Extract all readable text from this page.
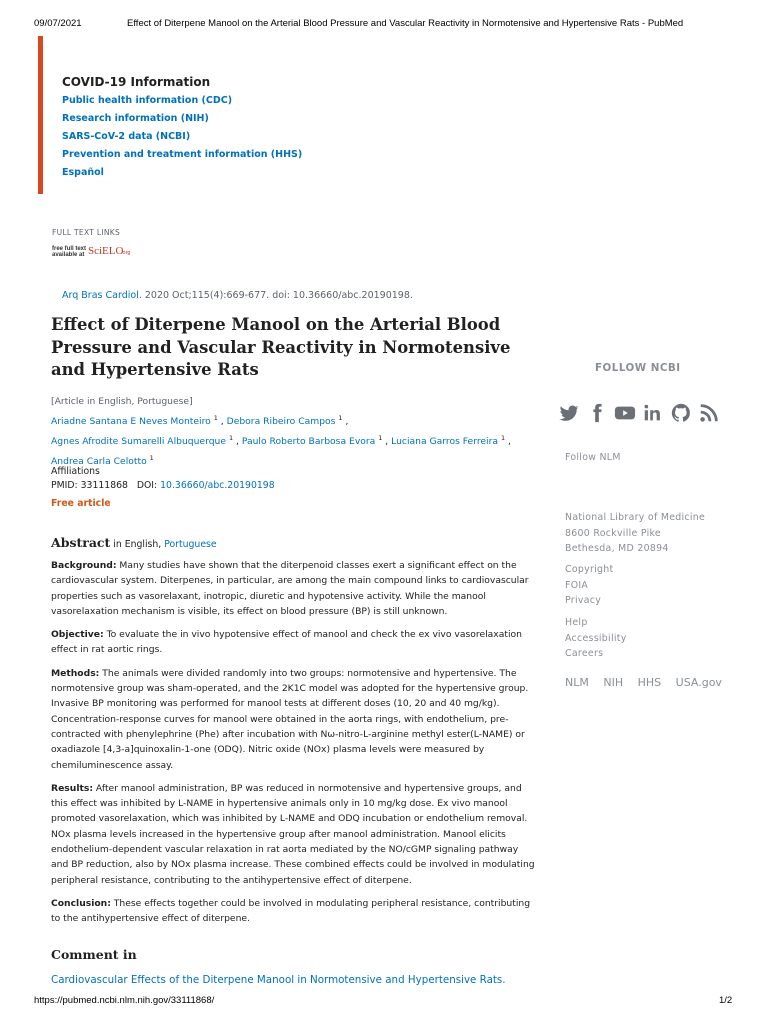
09/07/2021	Effect of Diterpene Manool on the Arterial Blood Pressure and Vascular Reactivity in Normotensive and Hypertensive Rats - PubMed
COVID-19 Information
Public health information (CDC)
Research information (NIH)
SARS-CoV-2 data (NCBI)
Prevention and treatment information (HHS)
Español
FULL TEXT LINKS
free full text
available at SciELO
.org
Arq Bras Cardiol. 2020 Oct;115(4):669-677. doi: 10.36660/abc.20190198.
Effect of Diterpene Manool on the Arterial Blood Pressure and Vascular Reactivity in Normotensive and Hypertensive Rats
[Article in English, Portuguese]
Ariadne Santana E Neves Monteiro $^1$ , Debora Ribeiro Campos $^1$ ,
Agnes Afrodite Sumarelli Albuquerque $^1$ , Paulo Roberto Barbosa Evora $^1$ , Luciana Garros Ferreira $^1$ ,
Andrea Carla Celotto $^1$
Affiliations
PMID: 33111868 DOI: 10.36660/abc.20190198
Free article
Abstract in English, Portuguese

Background: Many studies have shown that the diterpenoid classes exert a significant effect on the cardiovascular system. Diterpenes, in particular, are among the main compound links to cardiovascular properties such as vasorelaxant, inotropic, diuretic and hypotensive activity. While the manool vasorelaxation mechanism is visible, its effect on blood pressure (BP) is still unknown.

Objective: To evaluate the in vivo hypotensive effect of manool and check the ex vivo vasorelaxation effect in rat aortic rings.

Methods: The animals were divided randomly into two groups: normotensive and hypertensive. The normotensive group was sham-operated, and the 2K1C model was adopted for the hypertensive group. Invasive BP monitoring was performed for manool tests at different doses (10, 20 and 40 mg/kg). Concentration-response curves for manool were obtained in the aorta rings, with endothelium, pre-contracted with phenylephrine (Phe) after incubation with Nω-nitro-L-arginine methyl ester(L-NAME) or oxadiazole [4,3-a]quinoxalin-1-one (ODQ). Nitric oxide (NOx) plasma levels were measured by chemiluminescence assay.

Results: After manool administration, BP was reduced in normotensive and hypertensive groups, and this effect was inhibited by L-NAME in hypertensive animals only in 10 mg/kg dose. Ex vivo manool promoted vasorelaxation, which was inhibited by L-NAME and ODQ incubation or endothelium removal. NOx plasma levels increased in the hypertensive group after manool administration. Manool elicits endothelium-dependent vascular relaxation in rat aorta mediated by the NO/cGMP signaling pathway and BP reduction, also by NOx plasma increase. These combined effects could be involved in modulating peripheral resistance, contributing to the antihypertensive effect of diterpene.

Conclusion: These effects together could be involved in modulating peripheral resistance, contributing to the antihypertensive effect of diterpene.

Comment in
Cardiovascular Effects of the Diterpene Manool in Normotensive and Hypertensive Rats.
FOLLOW NCBI
Follow NLM
National Library of Medicine
8600 Rockville Pike
Bethesda, MD 20894
Copyright
FOIA
Privacy
Help
Accessibility
Careers
NLM NIH HHS USA.gov
https://pubmed.ncbi.nlm.nih.gov/33111868/	1/2
